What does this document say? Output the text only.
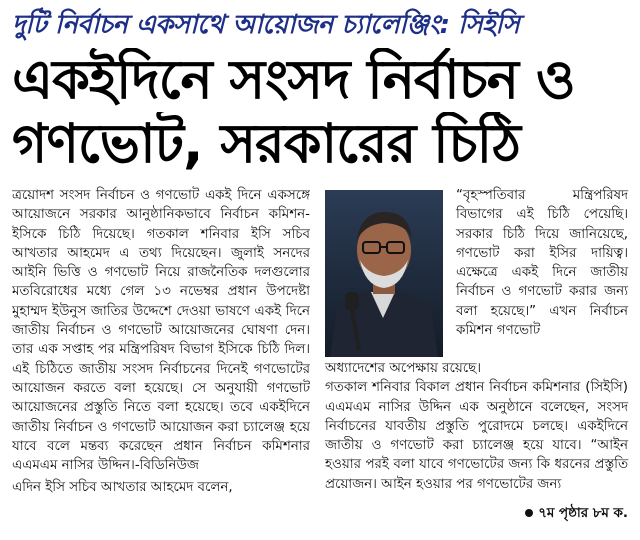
দুটি নির্বাচন একসাথে আয়োজন চ্যালেঞ্জিং: সিইসি
একইদিনে সংসদ নির্বাচন ও
গণভোট, সরকারের চিঠি

ত্রয়োদশ সংসদ নির্বাচন ও গণভোট একই দিনে একসঙ্গে আয়োজনে সরকার আনুষ্ঠানিকভাবে নির্বাচন কমিশন-ইসিকে চিঠি দিয়েছে। গতকাল শনিবার ইসি সচিব আখতার আহমেদ এ তথ্য দিয়েছেন। জুলাই সনদের আইনি ভিত্তি ও গণভোট নিয়ে রাজনৈতিক দলগুলোর মতবিরোধের মধ্যে গেল ১৩ নভেম্বর প্রধান উপদেষ্টা মুহাম্মদ ইউনুস জাতির উদ্দেশে দেওয়া ভাষণে একই দিনে জাতীয় নির্বাচন ও গণভোট আয়োজনের ঘোষণা দেন। তার এক সপ্তাহ পর মন্ত্রিপরিষদ বিভাগ ইসিকে চিঠি দিল। এই চিঠিতে জাতীয় সংসদ নির্বাচনের দিনেই গণভোটের আয়োজন করতে বলা হয়েছে। সে অনুযায়ী গণভোট আয়োজনের প্রস্তুতি নিতে বলা হয়েছে। তবে একইদিনে জাতীয় নির্বাচন ও গণভোট আয়োজন করা চ্যালেঞ্জ হয়ে যাবে বলে মন্তব্য করেছেন প্রধান নির্বাচন কমিশনার এএমএম নাসির উদ্দিন।-বিডিনিউজ

এদিন ইসি সচিব আখতার আহমেদ বলেন,

“বৃহস্পতিবার মন্ত্রিপরিষদ বিভাগের এই চিঠি পেয়েছি। সরকার চিঠি দিয়ে জানিয়েছে, গণভোট করা ইসির দায়িত্ব। এক্ষেত্রে একই দিনে জাতীয় নির্বাচন ও গণভোট করার জন্য বলা হয়েছে।” এখন নির্বাচন কমিশন গণভোট

অধ্যাদেশের অপেক্ষায় রয়েছে।

গতকাল শনিবার বিকাল প্রধান নির্বাচন কমিশনার (সিইসি) এএমএম নাসির উদ্দিন এক অনুষ্ঠানে বলেছেন, সংসদ নির্বাচনের যাবতীয় প্রস্তুতি পুরোদমে চলছে। একইদিনে জাতীয় ও গণভোট করা চ্যালেঞ্জ হয়ে যাবে। “আইন হওয়ার পরই বলা যাবে গণভোটের জন্য কি ধরনের প্রস্তুতি প্রয়োজন। আইন হওয়ার পর গণভোটের জন্য

৭ম পৃষ্ঠার ৮ম ক.
